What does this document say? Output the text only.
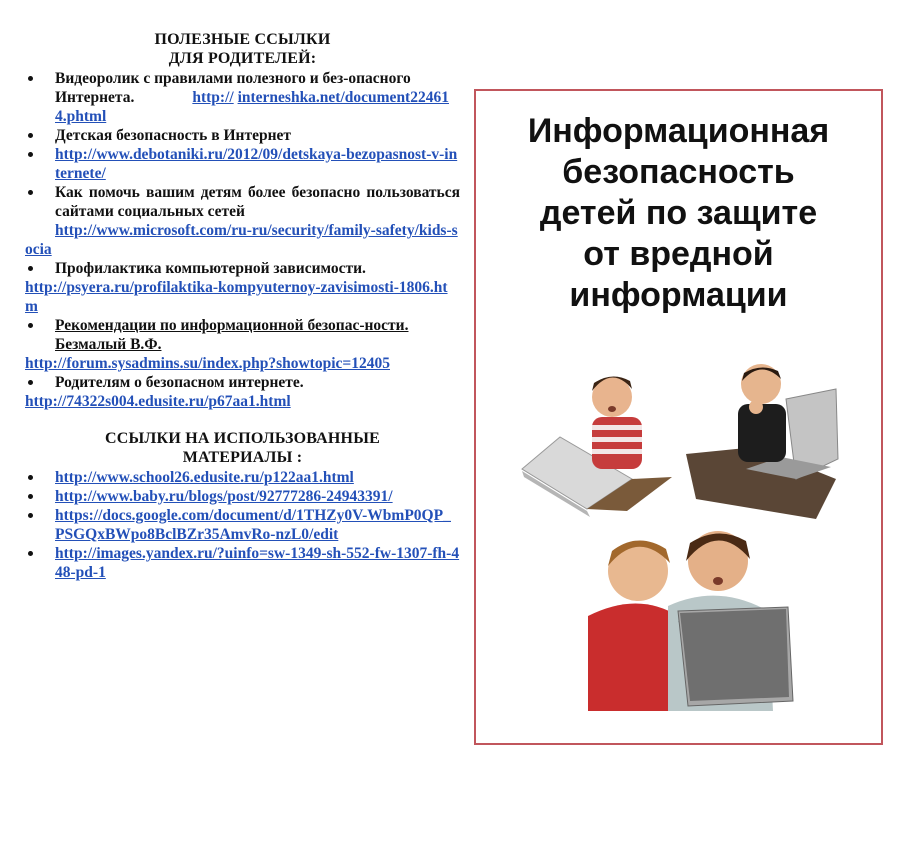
ПОЛЕЗНЫЕ ССЫЛКИ
ДЛЯ РОДИТЕЛЕЙ:

Видеоролик с правилами полезного и без-опасного Интернета.	http:// interneshka.net/document224614.phtml
Детская безопасность в Интернет
http://www.debotaniki.ru/2012/09/detskaya-bezopasnost-v-internete/
Как помочь вашим детям более безопасно пользоваться сайтами социальных сетей
http://www.microsoft.com/ru-ru/security/family-safety/kids-socia
Профилактика компьютерной зависимости.
http://psyera.ru/profilaktika-kompyuternoy-zavisimosti-1806.htm
Рекомендации по информационной безопас-ности. Безмалый В.Ф.
http://forum.sysadmins.su/index.php?showtopic=12405
Родителям о безопасном интернете.
http://74322s004.edusite.ru/p67aa1.html

ССЫЛКИ НА ИСПОЛЬЗОВАННЫЕ
МАТЕРИАЛЫ :

http://www.school26.edusite.ru/p122aa1.html
http://www.baby.ru/blogs/post/92777286-24943391/
https://docs.google.com/document/d/1THZy0V-WbmP0QP_PSGQxBWpo8BclBZr35AmvRo-nzL0/edit
http://images.yandex.ru/?uinfo=sw-1349-sh-552-fw-1307-fh-448-pd-1

Информационная
безопасность
детей по защите
от вредной
информации
